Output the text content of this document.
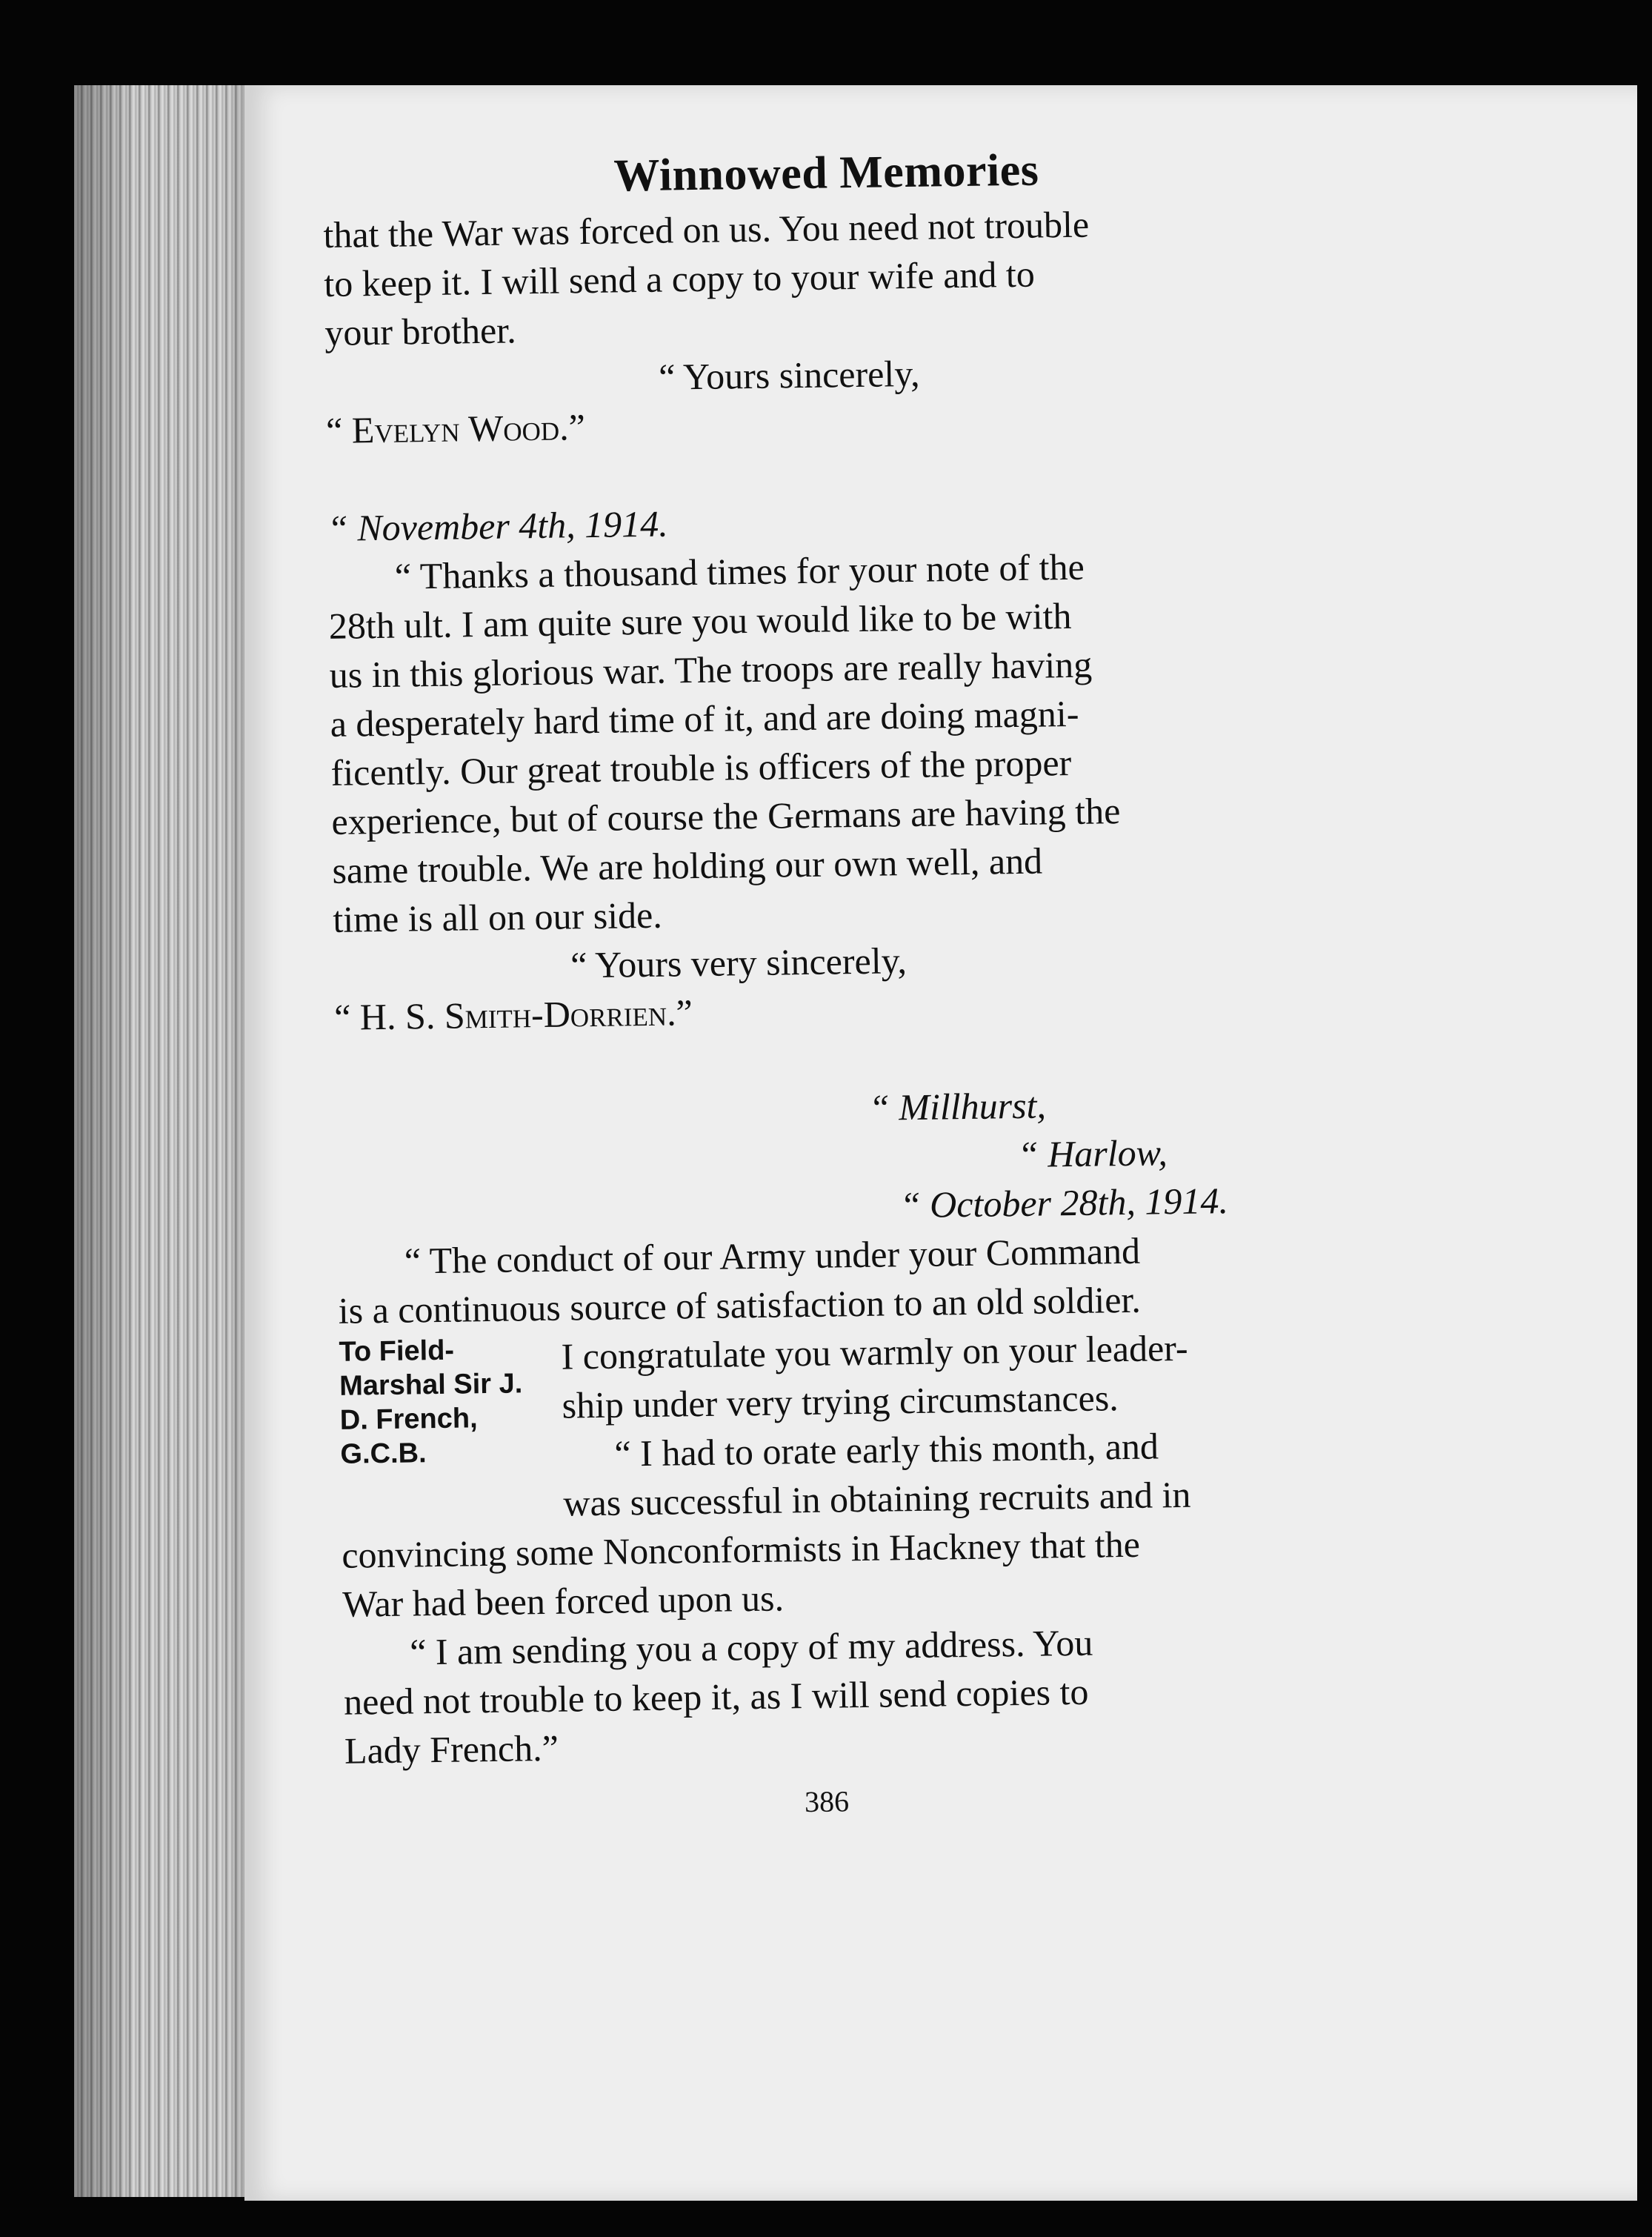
Winnowed Memories

that the War was forced on us. You need not trouble

to keep it. I will send a copy to your wife and to

your brother.

“ Yours sincerely,

“ Evelyn Wood.”

“ November 4th, 1914.

“ Thanks a thousand times for your note of the

28th ult. I am quite sure you would like to be with

us in this glorious war. The troops are really having

a desperately hard time of it, and are doing magni-

ficently. Our great trouble is officers of the proper

experience, but of course the Germans are having the

same trouble. We are holding our own well, and

time is all on our side.

“ Yours very sincerely,

“ H. S. Smith-Dorrien.”

“ Millhurst,

“ Harlow,

“ October 28th, 1914.

“ The conduct of our Army under your Command

is a continuous source of satisfaction to an old soldier.

To Field-Marshal Sir J. D. French, G.C.B.

I congratulate you warmly on your leader-

ship under very trying circumstances.

“ I had to orate early this month, and

was successful in obtaining recruits and in

convincing some Nonconformists in Hackney that the

War had been forced upon us.

“ I am sending you a copy of my address. You

need not trouble to keep it, as I will send copies to

Lady French.”

386
